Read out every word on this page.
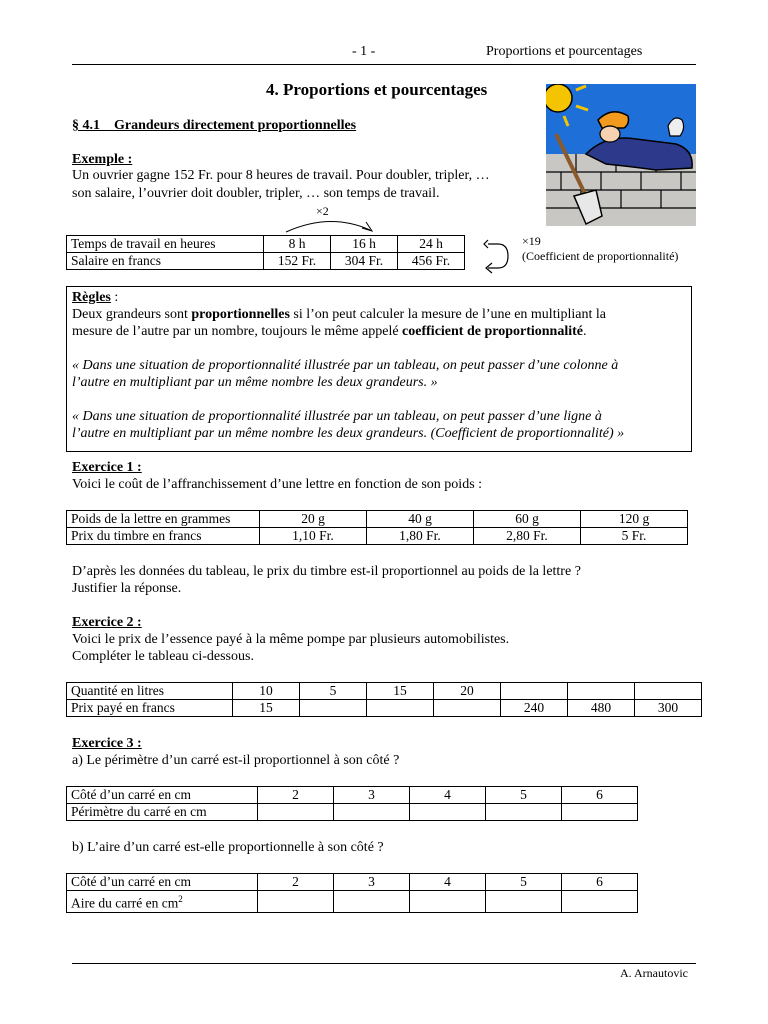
- 1 -	Proportions et pourcentages
4. Proportions et pourcentages
§ 4.1    Grandeurs directement proportionnelles
Exemple :
Un ouvrier gagne 152 Fr. pour 8 heures de travail. Pour doubler, tripler, …
son salaire, l’ouvrier doit doubler, tripler, … son temps de travail.
×2
Temps de travail en heures	8 h	16 h	24 h
Salaire en francs	152 Fr.	304 Fr.	456 Fr.
×19
(Coefficient de proportionnalité)
Règles :
Deux grandeurs sont proportionnelles si l’on peut calculer la mesure de l’une en multipliant la
mesure de l’autre par un nombre, toujours le même appelé coefficient de proportionnalité.
« Dans une situation de proportionnalité illustrée par un tableau, on peut passer d’une colonne à
l’autre en multipliant par un même nombre les deux grandeurs. »
« Dans une situation de proportionnalité illustrée par un tableau, on peut passer d’une ligne à
l’autre en multipliant par un même nombre les deux grandeurs. (Coefficient de proportionnalité) »
Exercice 1 :
Voici le coût de l’affranchissement d’une lettre en fonction de son poids :
Poids de la lettre en grammes	20 g	40 g	60 g	120 g
Prix du timbre en francs	1,10 Fr.	1,80 Fr.	2,80 Fr.	5 Fr.
D’après les données du tableau, le prix du timbre est-il proportionnel au poids de la lettre ?
Justifier la réponse.
Exercice 2 :
Voici le prix de l’essence payé à la même pompe par plusieurs automobilistes.
Compléter le tableau ci-dessous.
Quantité en litres	10	5	15	20			
Prix payé en francs	15				240	480	300
Exercice 3 :
a) Le périmètre d’un carré est-il proportionnel à son côté ?
Côté d’un carré en cm	2	3	4	5	6
Périmètre du carré en cm					
b) L’aire d’un carré est-elle proportionnelle à son côté ?
Côté d’un carré en cm	2	3	4	5	6
Aire du carré en $cm^2$					
A. Arnautovic
